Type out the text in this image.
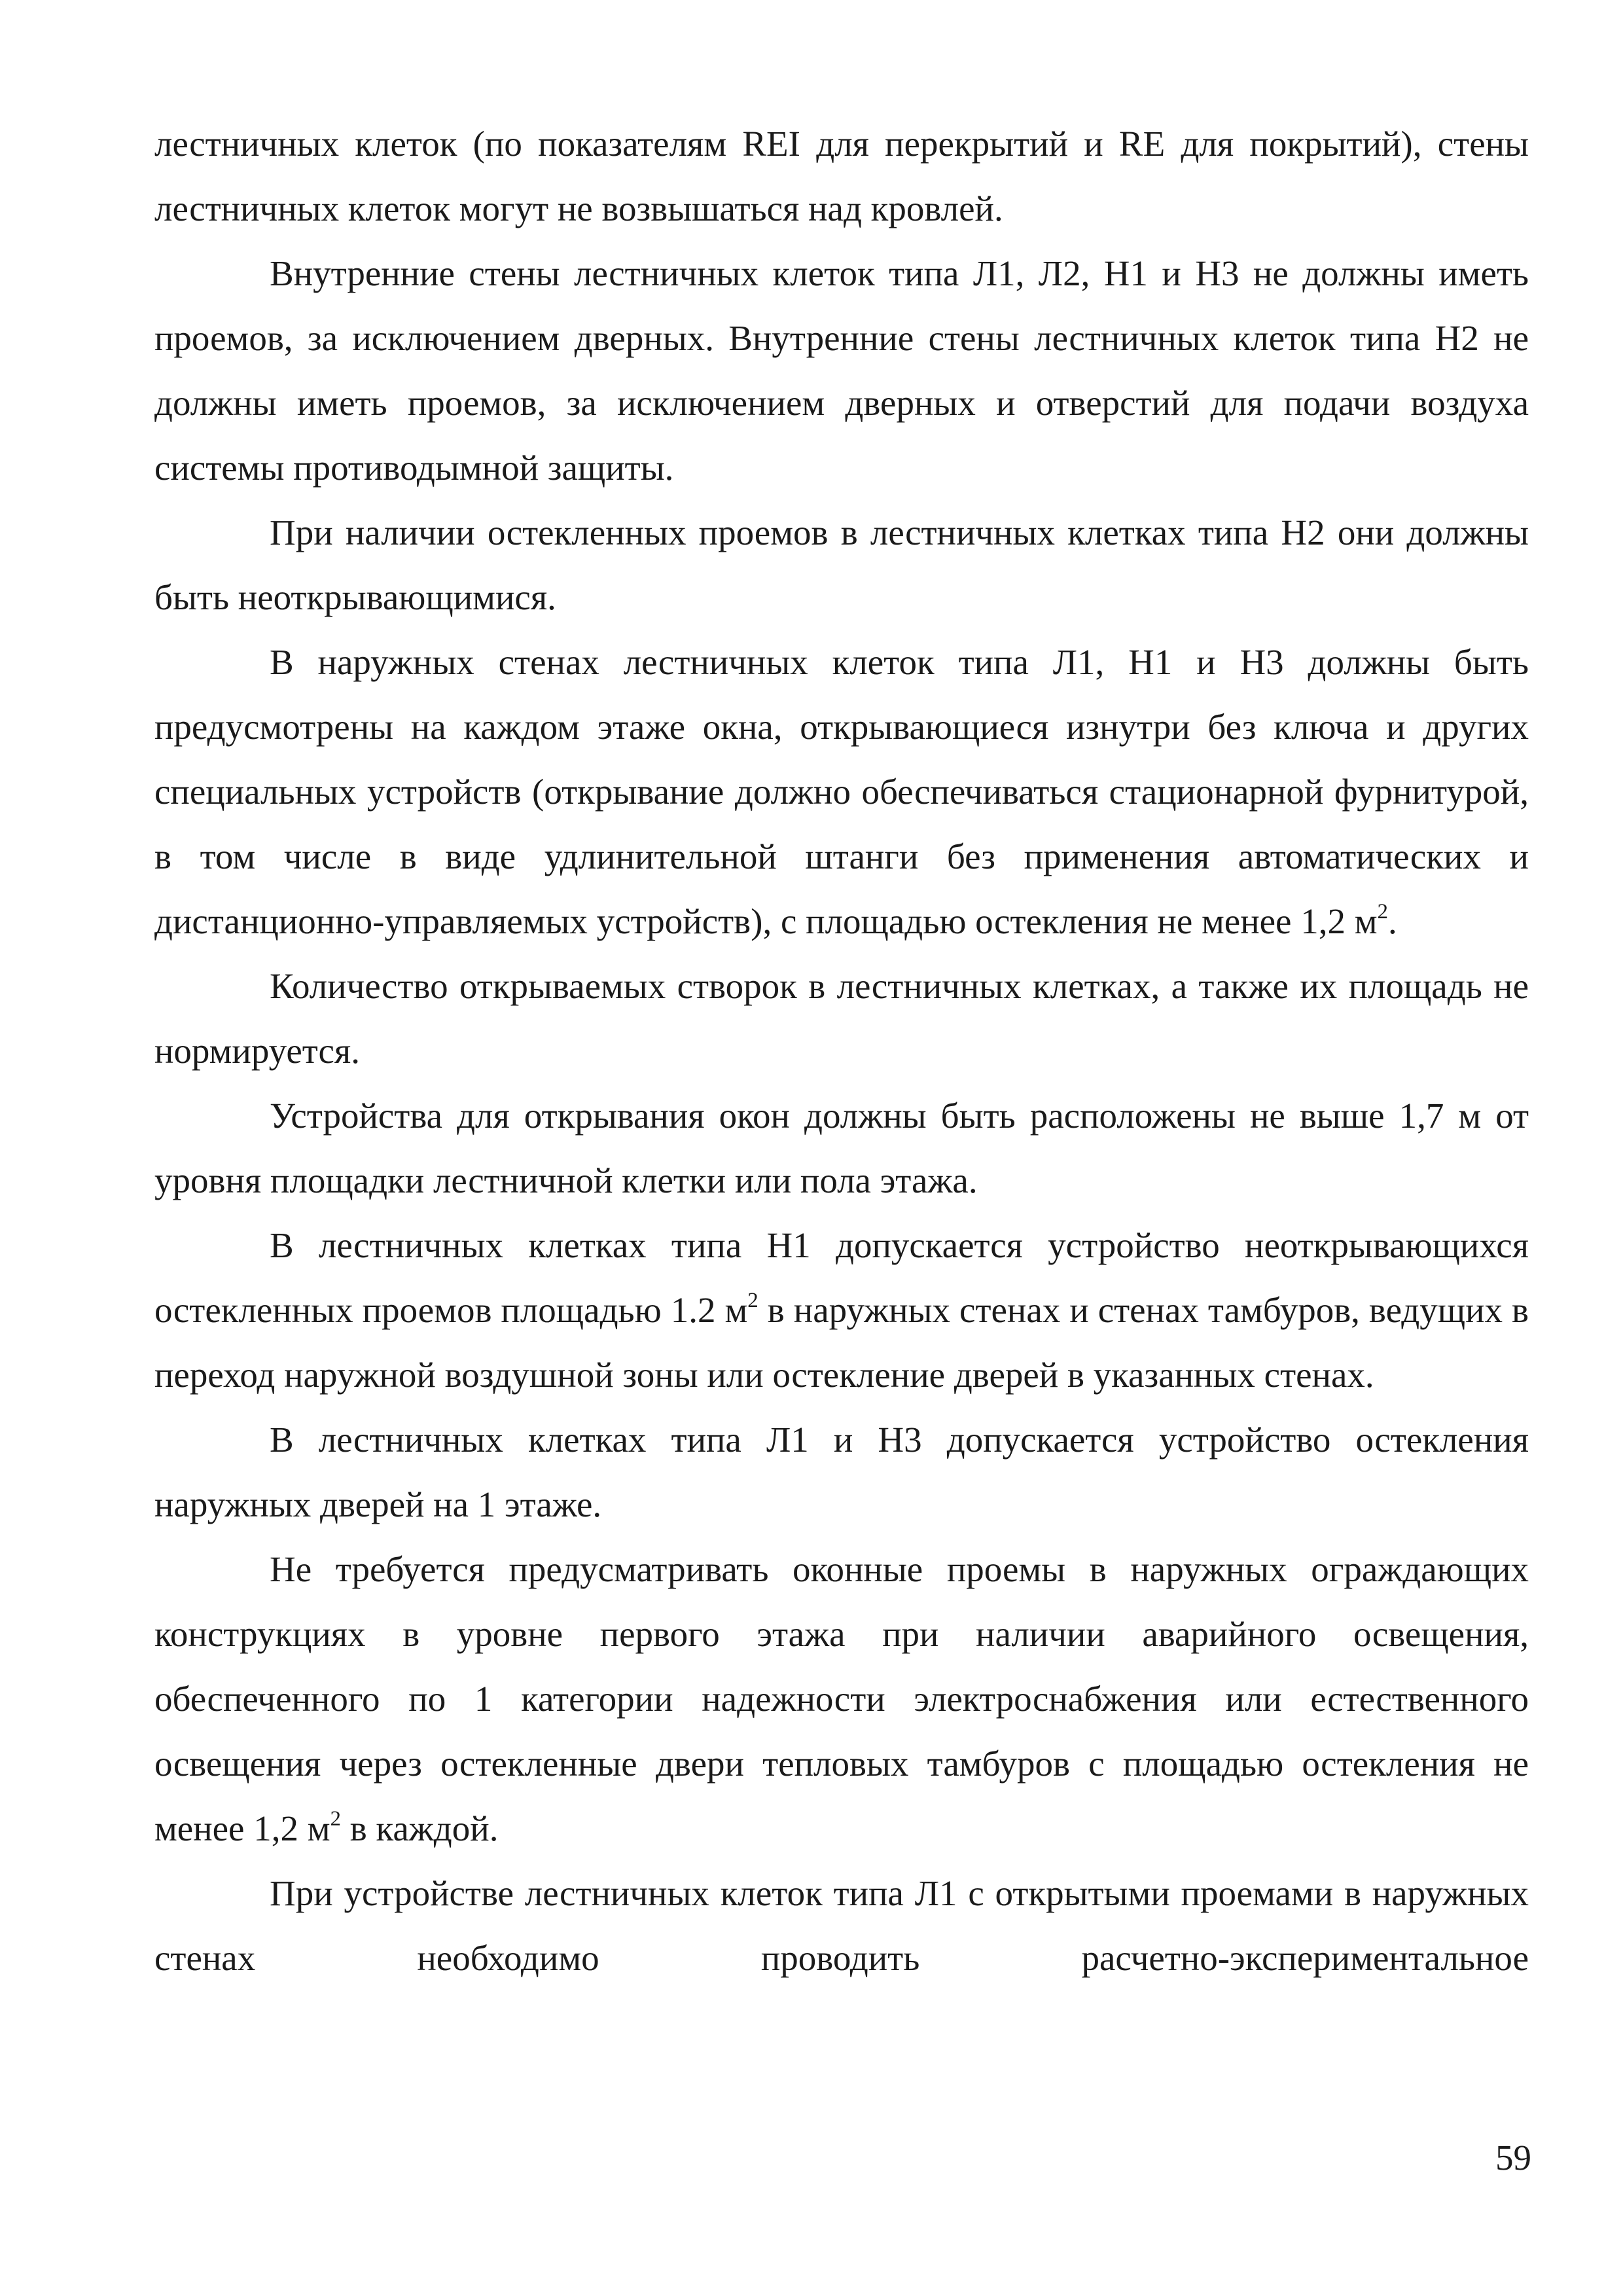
лестничных клеток (по показателям REI для перекрытий и RE для покрытий), стены лестничных клеток могут не возвышаться над кровлей.

Внутренние стены лестничных клеток типа Л1, Л2, Н1 и Н3 не должны иметь проемов, за исключением дверных. Внутренние стены лестничных клеток типа Н2 не должны иметь проемов, за исключением дверных и отверстий для подачи воздуха системы противодымной защиты.

При наличии остекленных проемов в лестничных клетках типа Н2 они должны быть неоткрывающимися.

В наружных стенах лестничных клеток типа Л1, Н1 и Н3 должны быть предусмотрены на каждом этаже окна, открывающиеся изнутри без ключа и других специальных устройств (открывание должно обеспечиваться стационарной фурнитурой, в том числе в виде удлинительной штанги без применения автоматических и дистанционно-управляемых устройств), с площадью остекления не менее 1,2 $м^2$.

Количество открываемых створок в лестничных клетках, а также их площадь не нормируется.

Устройства для открывания окон должны быть расположены не выше 1,7 м от уровня площадки лестничной клетки или пола этажа.

В лестничных клетках типа Н1 допускается устройство неоткрывающихся остекленных проемов площадью 1.2 $м^2$ в наружных стенах и стенах тамбуров, ведущих в переход наружной воздушной зоны или остекление дверей в указанных стенах.

В лестничных клетках типа Л1 и Н3 допускается устройство остекления наружных дверей на 1 этаже.

Не требуется предусматривать оконные проемы в наружных ограждающих конструкциях в уровне первого этажа при наличии аварийного освещения, обеспеченного по 1 категории надежности электроснабжения или естественного освещения через остекленные двери тепловых тамбуров с площадью остекления не менее 1,2 $м^2$ в каждой.

При устройстве лестничных клеток типа Л1 с открытыми проемами в наружных стенах необходимо проводить расчетно-экспериментальное

59
